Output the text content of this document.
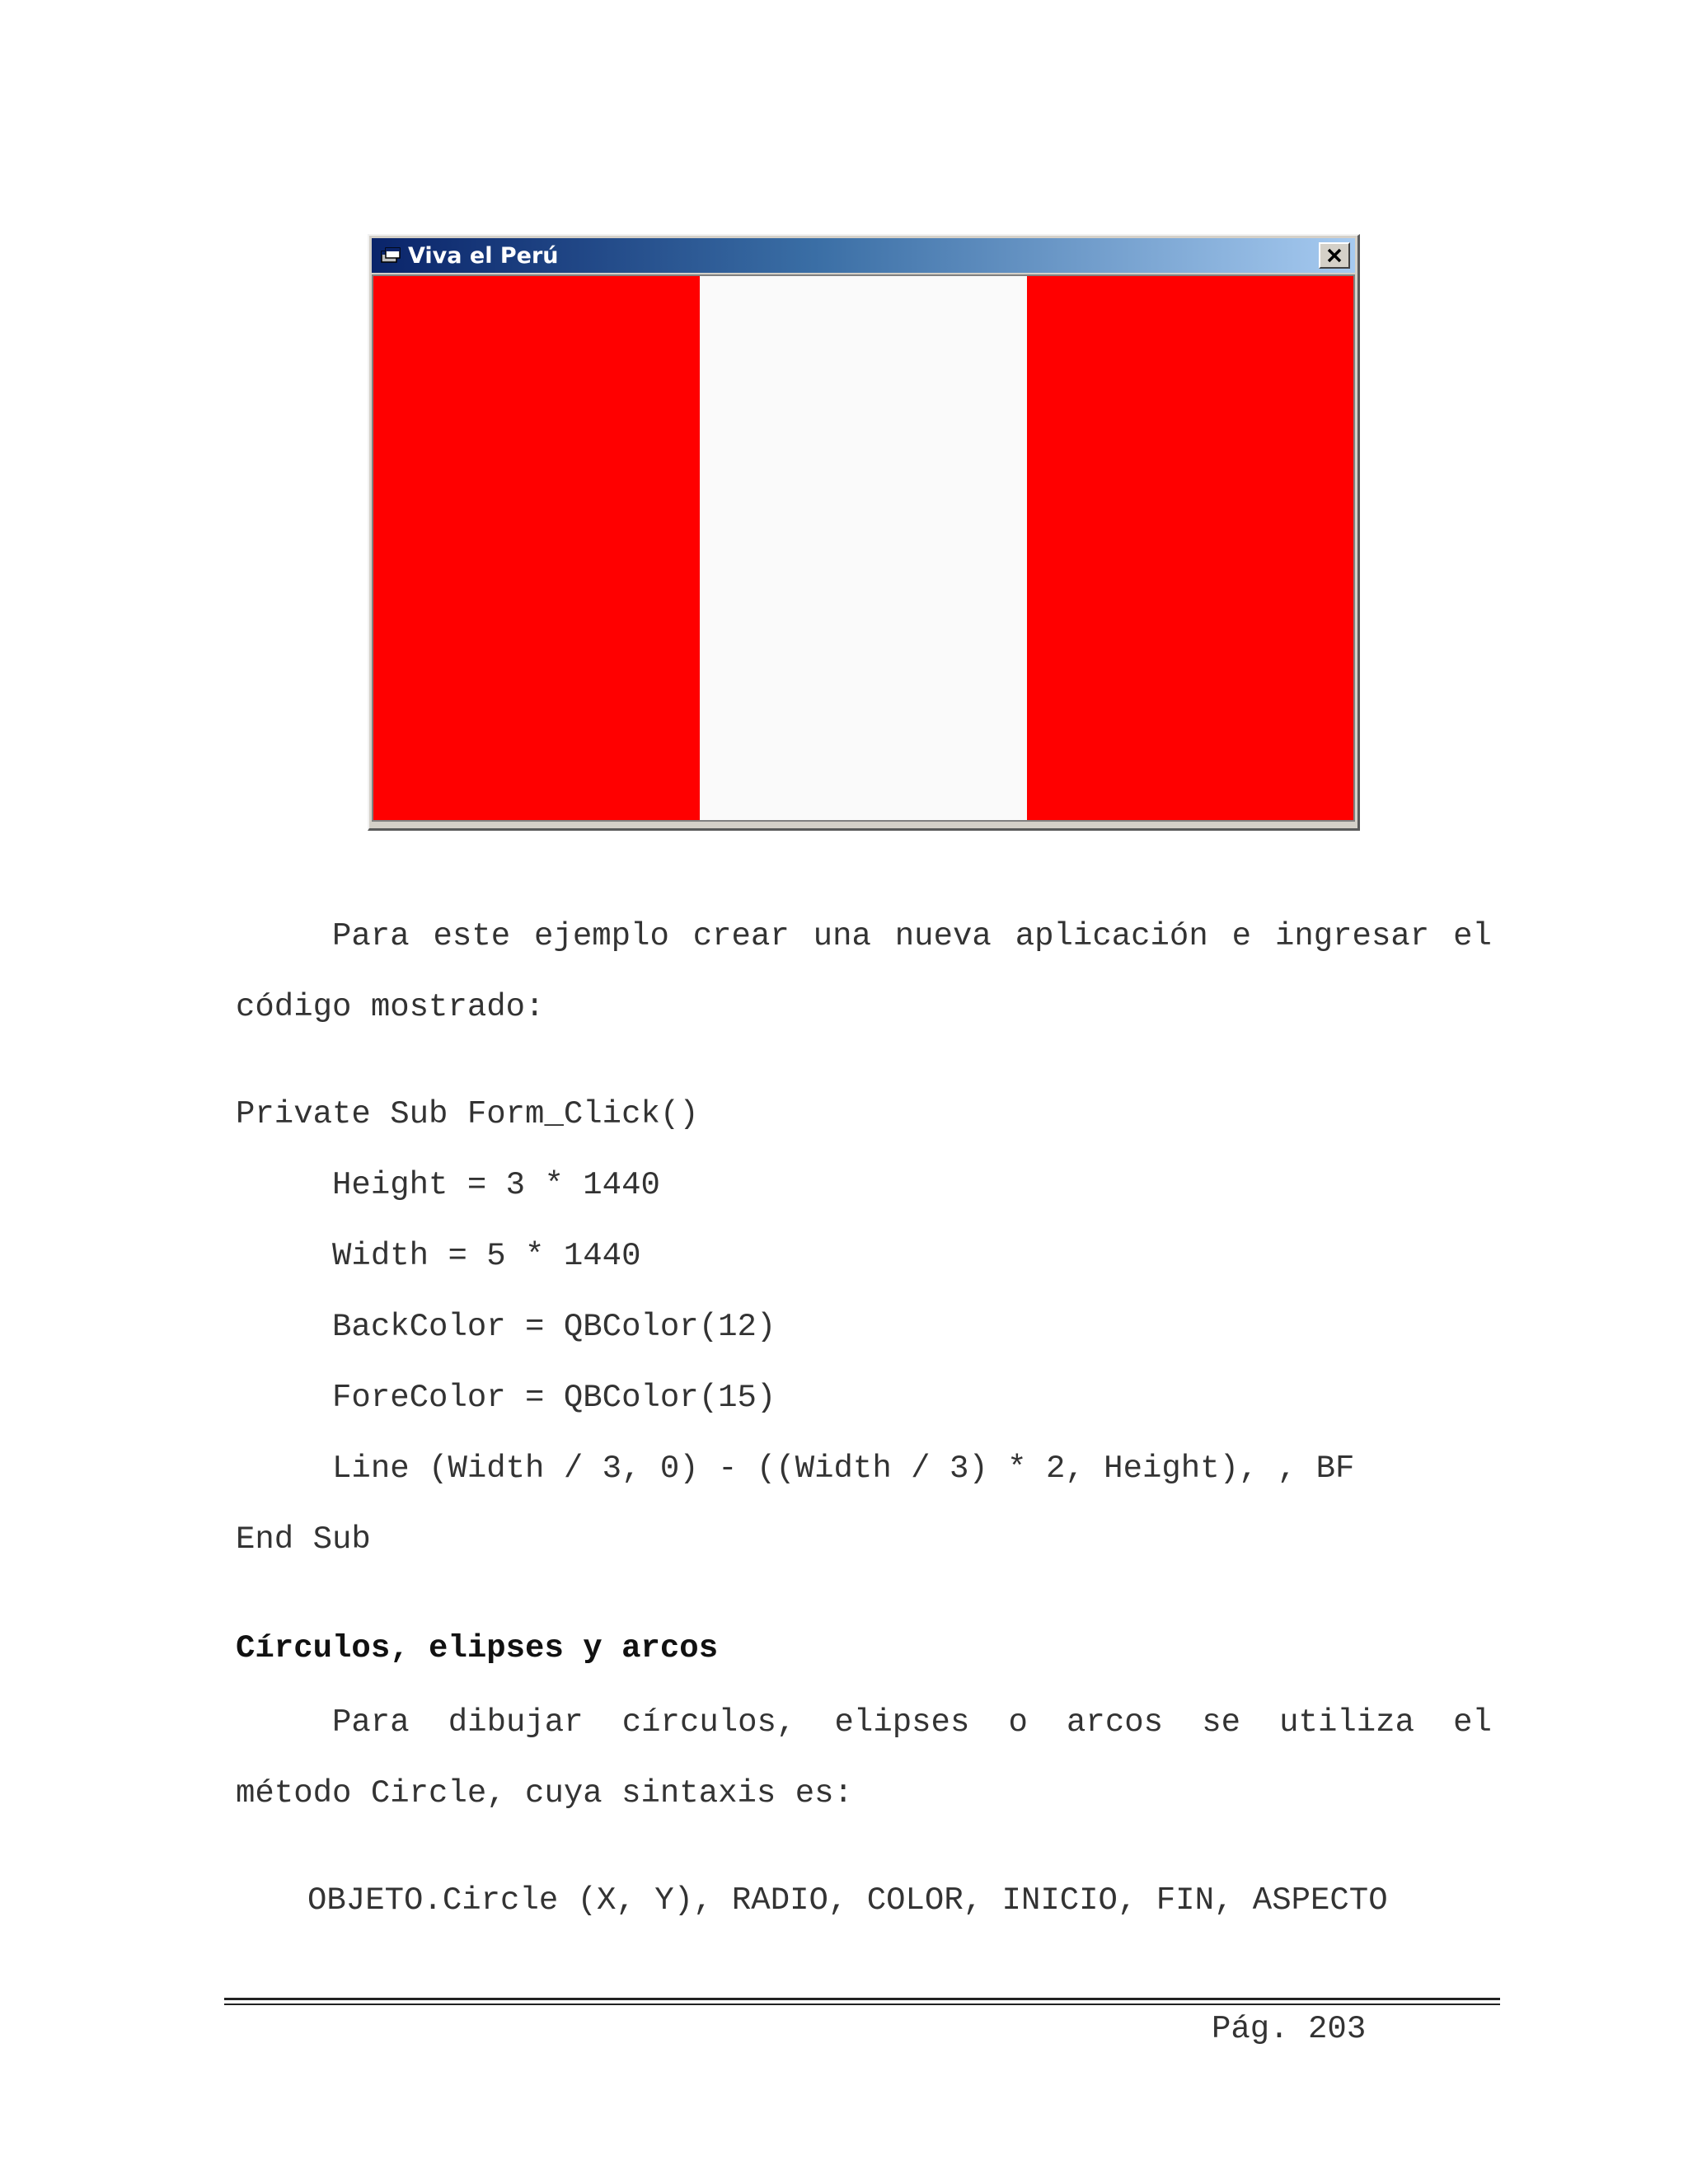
Viva el Perú
Para este ejemplo crear una nueva aplicación e ingresar el

código mostrado:

Private Sub Form_Click()

Height = 3 * 1440

Width = 5 * 1440

BackColor = QBColor(12)

ForeColor = QBColor(15)

Line (Width / 3, 0) - ((Width / 3) * 2, Height), , BF

End Sub

Círculos, elipses y arcos

Para dibujar círculos, elipses o arcos se utiliza el

método Circle, cuya sintaxis es:

OBJETO.Circle (X, Y), RADIO, COLOR, INICIO, FIN, ASPECTO

Pág. 203
